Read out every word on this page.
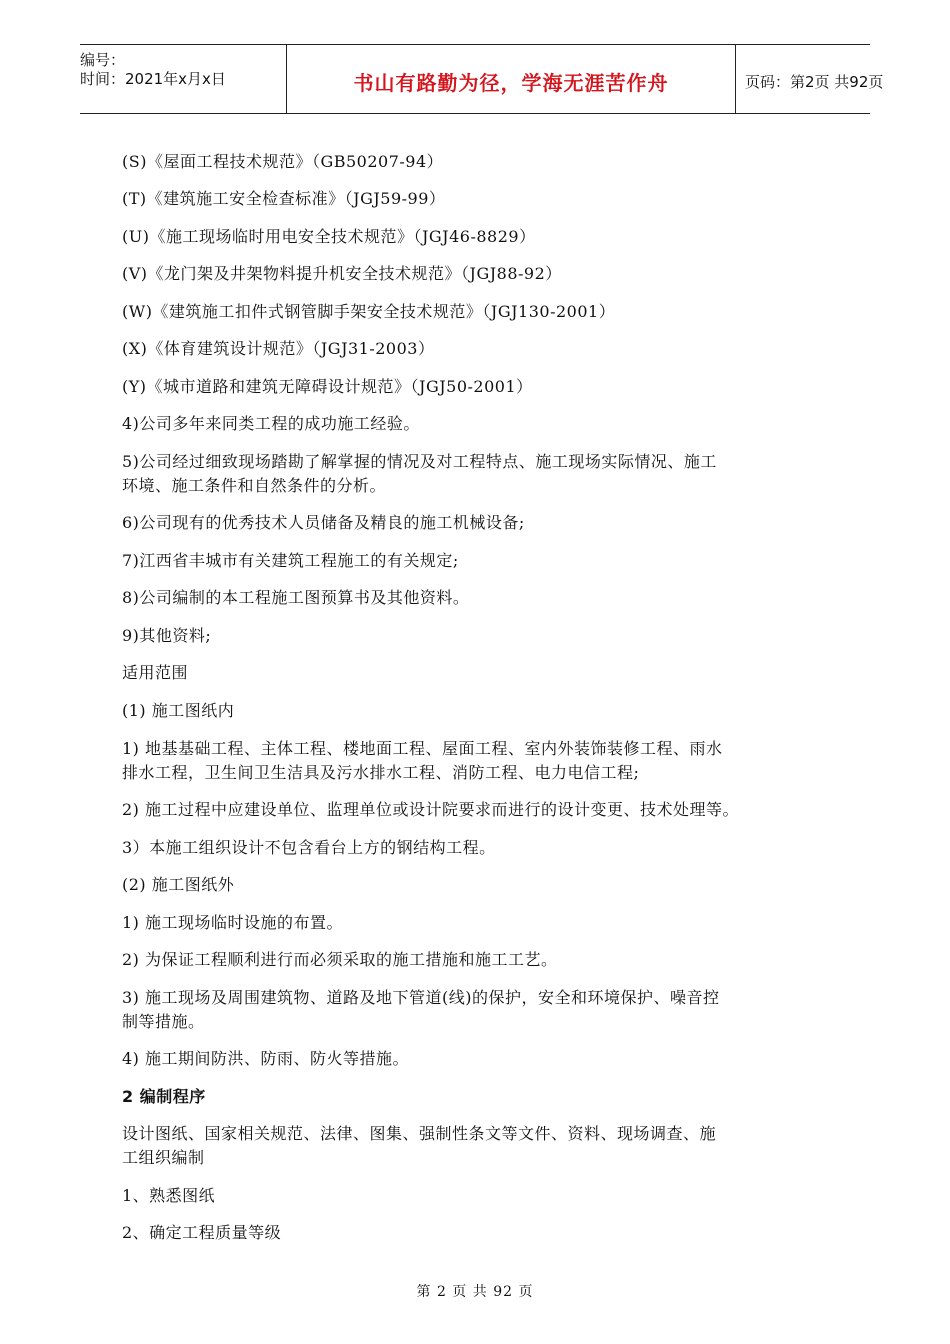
编号：
时间：2021年x月x日	书山有路勤为径，学海无涯苦作舟	页码：第2页 共92页

(S)《屋面工程技术规范》（GB50207-94）

(T)《建筑施工安全检查标准》（JGJ59-99）

(U)《施工现场临时用电安全技术规范》（JGJ46-8829）

(V)《龙门架及井架物料提升机安全技术规范》（JGJ88-92）

(W)《建筑施工扣件式钢管脚手架安全技术规范》（JGJ130-2001）

(X)《体育建筑设计规范》（JGJ31-2003）

(Y)《城市道路和建筑无障碍设计规范》（JGJ50-2001）

4)公司多年来同类工程的成功施工经验。

5)公司经过细致现场踏勘了解掌握的情况及对工程特点、施工现场实际情况、施工

环境、施工条件和自然条件的分析。

6)公司现有的优秀技术人员储备及精良的施工机械设备;

7)江西省丰城市有关建筑工程施工的有关规定;

8)公司编制的本工程施工图预算书及其他资料。

9)其他资料;

适用范围

(1) 施工图纸内

1) 地基基础工程、主体工程、楼地面工程、屋面工程、室内外装饰装修工程、雨水

排水工程，卫生间卫生洁具及污水排水工程、消防工程、电力电信工程;

2) 施工过程中应建设单位、监理单位或设计院要求而进行的设计变更、技术处理等。

3）本施工组织设计不包含看台上方的钢结构工程。

(2) 施工图纸外

1) 施工现场临时设施的布置。

2) 为保证工程顺利进行而必须采取的施工措施和施工工艺。

3) 施工现场及周围建筑物、道路及地下管道(线)的保护，安全和环境保护、噪音控

制等措施。

4) 施工期间防洪、防雨、防火等措施。

2 编制程序

设计图纸、国家相关规范、法律、图集、强制性条文等文件、资料、现场调查、施

工组织编制

1、熟悉图纸

2、确定工程质量等级

第 2 页 共 92 页
